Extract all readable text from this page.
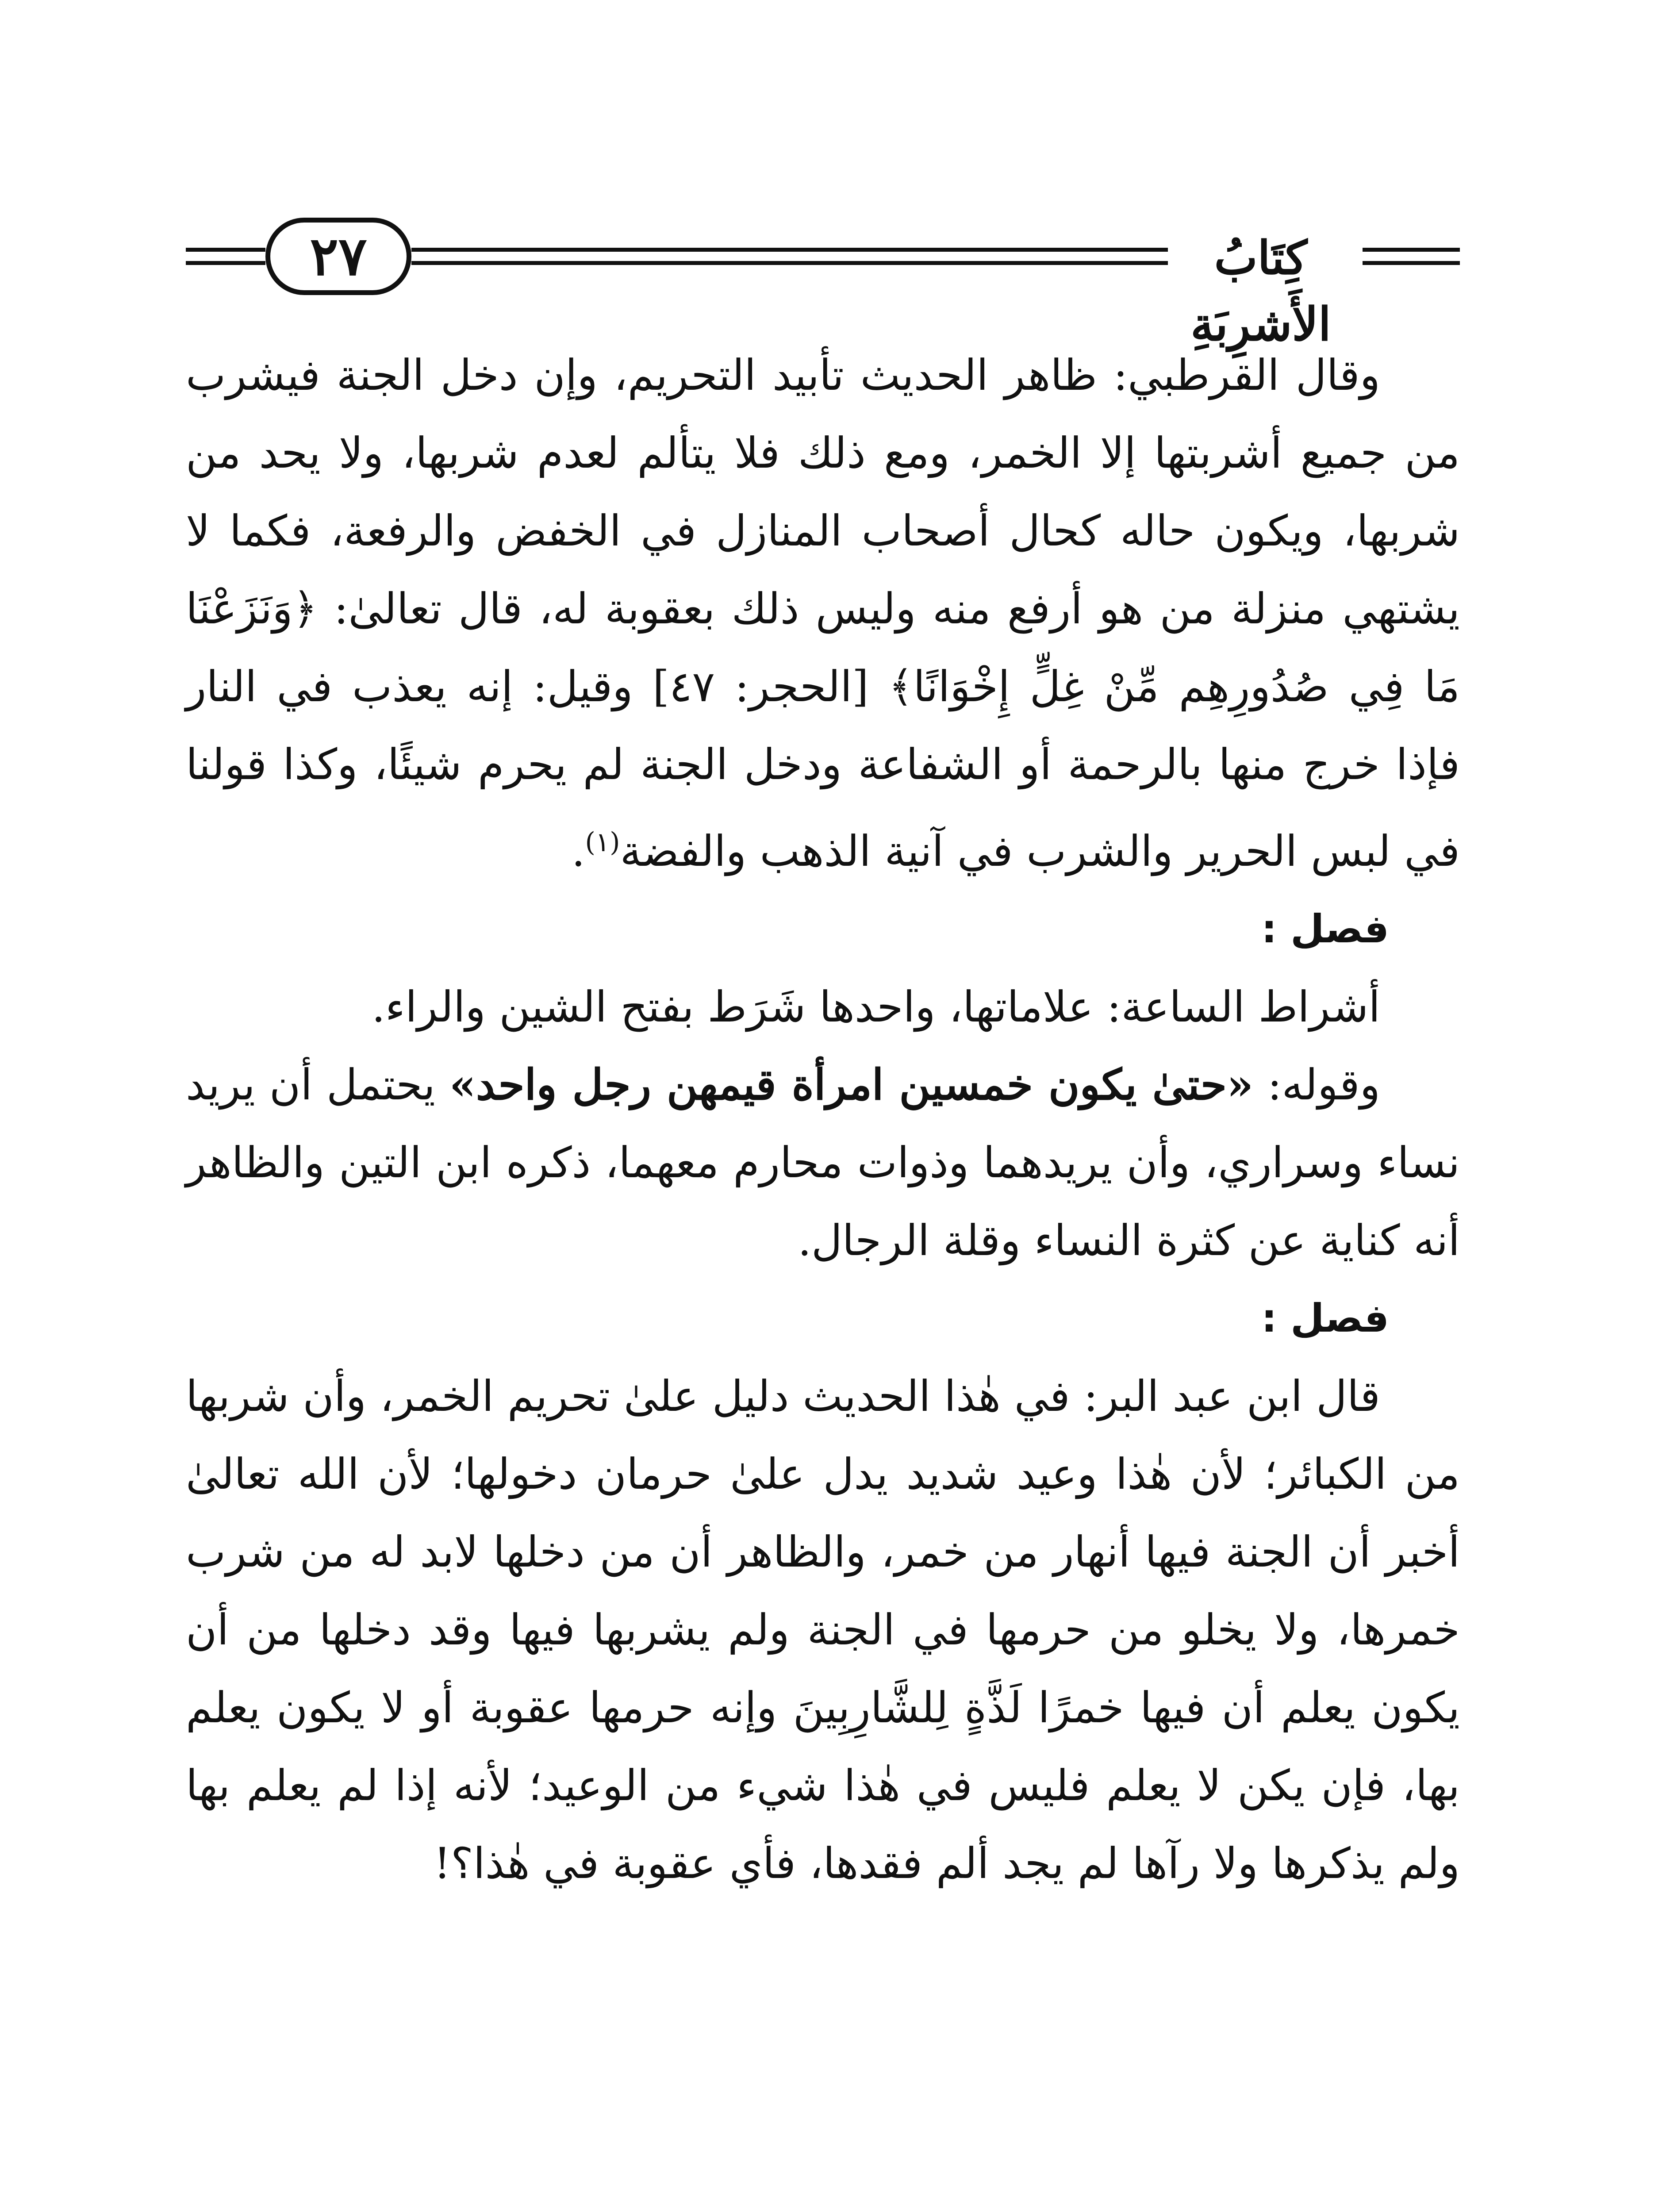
٢٧	كِتَابُ الأَشرِبَةِ

وقال القرطبي: ظاهر الحديث تأبيد التحريم، وإن دخل الجنة فيشرب من جميع أشربتها إلا الخمر، ومع ذلك فلا يتألم لعدم شربها، ولا يحد من شربها، ويكون حاله كحال أصحاب المنازل في الخفض والرفعة، فكما لا يشتهي منزلة من هو أرفع منه وليس ذلك بعقوبة له، قال تعالىٰ: ﴿وَنَزَعْنَا مَا فِي صُدُورِهِم مِّنْ غِلٍّ إِخْوَانًا﴾ [الحجر: ٤٧] وقيل: إنه يعذب في النار فإذا خرج منها بالرحمة أو الشفاعة ودخل الجنة لم يحرم شيئًا، وكذا قولنا في لبس الحرير والشرب في آنية الذهب والفضة$^{(١)}$.

فصل :

أشراط الساعة: علاماتها، واحدها شَرَط بفتح الشين والراء.

وقوله: «حتىٰ يكون خمسين امرأة قيمهن رجل واحد» يحتمل أن يريد نساء وسراري، وأن يريدهما وذوات محارم معهما، ذكره ابن التين والظاهر أنه كناية عن كثرة النساء وقلة الرجال.

فصل :

قال ابن عبد البر: في هٰذا الحديث دليل علىٰ تحريم الخمر، وأن شربها من الكبائر؛ لأن هٰذا وعيد شديد يدل علىٰ حرمان دخولها؛ لأن الله تعالىٰ أخبر أن الجنة فيها أنهار من خمر، والظاهر أن من دخلها لابد له من شرب خمرها، ولا يخلو من حرمها في الجنة ولم يشربها فيها وقد دخلها من أن يكون يعلم أن فيها خمرًا لَذَّةٍ لِلشَّارِبِينَ وإنه حرمها عقوبة أو لا يكون يعلم بها، فإن يكن لا يعلم فليس في هٰذا شيء من الوعيد؛ لأنه إذا لم يعلم بها ولم يذكرها ولا رآها لم يجد ألم فقدها، فأي عقوبة في هٰذا؟!
